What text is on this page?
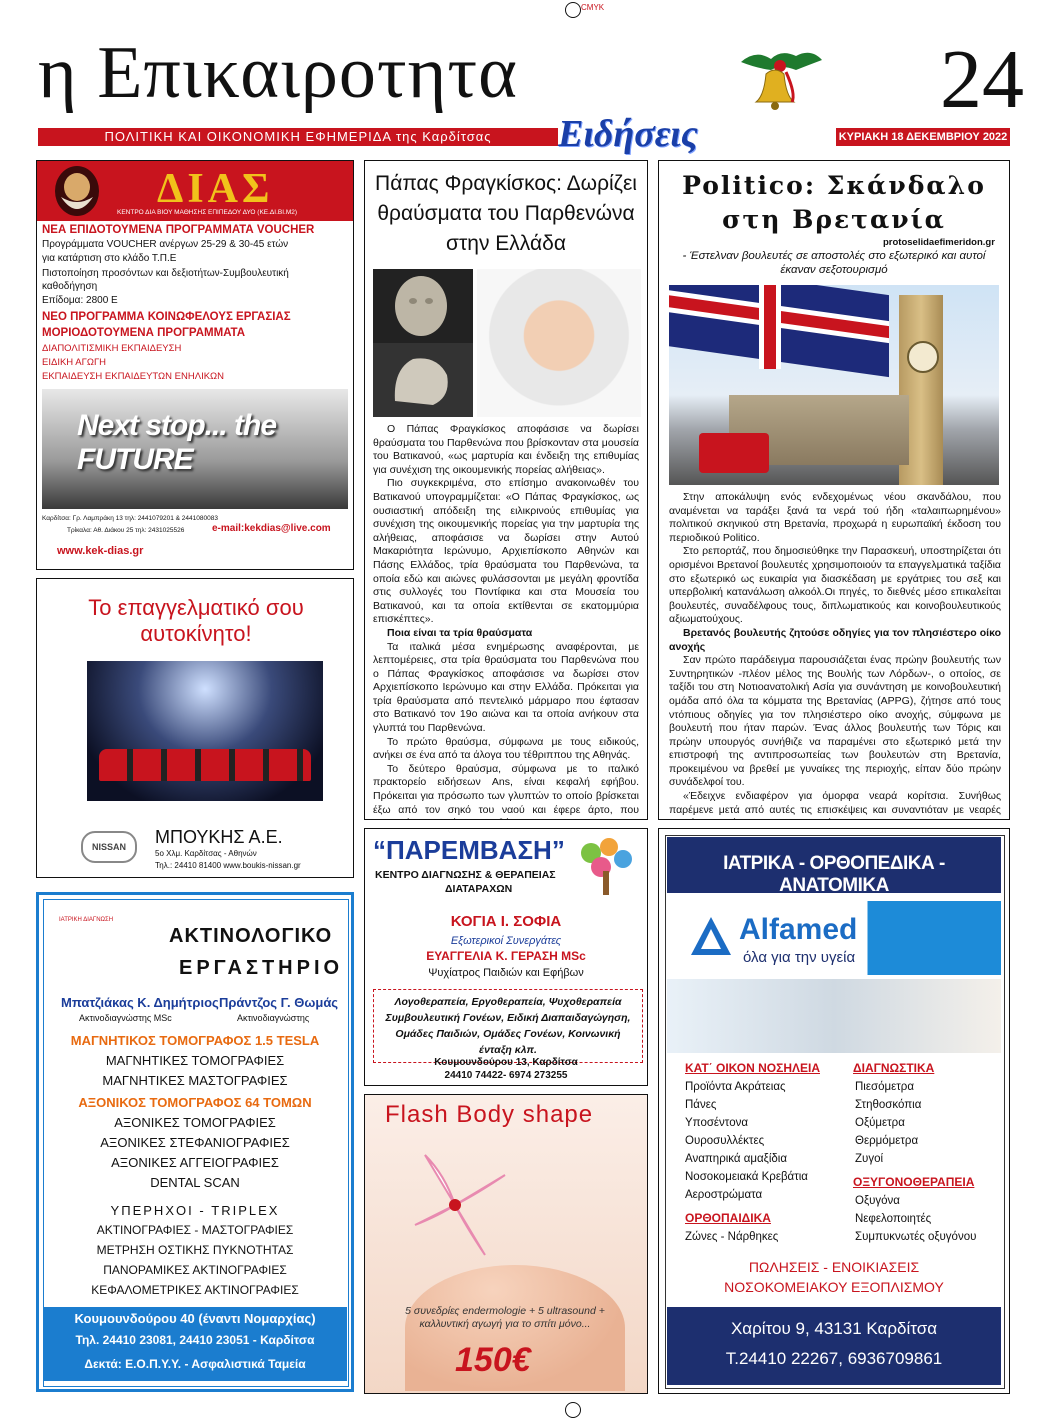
CMYK
η Επικαιροτητα
ΠΟΛΙΤΙΚΗ ΚΑΙ ΟΙΚΟΝΟΜΙΚΗ ΕΦΗΜΕΡΙΔΑ της Καρδίτσας	Ειδήσεις
24
ΚΥΡΙΑΚΗ 18 ΔΕΚΕΜΒΡΙΟΥ 2022
ΔΙΑΣ
ΚΕΝΤΡΟ ΔΙΑ ΒΙΟΥ ΜΑΘΗΣΗΣ ΕΠΙΠΕΔΟΥ ΔΥΟ (ΚΕ.ΔΙ.ΒΙ.Μ2)
ΝΕΑ ΕΠΙΔΟΤΟΥΜΕΝΑ ΠΡΟΓΡΑΜΜΑΤΑ VOUCHER
Προγράμματα VOUCHER ανέργων 25-29 & 30-45 ετών
για κατάρτιση στο κλάδο Τ.Π.Ε
Πιστοποίηση προσόντων και δεξιοτήτων-Συμβουλευτική καθοδήγηση
Επίδομα: 2800 Ε
ΝΕΟ ΠΡΟΓΡΑΜΜΑ ΚΟΙΝΩΦΕΛΟΥΣ ΕΡΓΑΣΙΑΣ
ΜΟΡΙΟΔΟΤΟΥΜΕΝΑ ΠΡΟΓΡΑΜΜΑΤΑ
ΔΙΑΠΟΛΙΤΙΣΜΙΚΗ ΕΚΠΑΙΔΕΥΣΗ
ΕΙΔΙΚΗ ΑΓΩΓΗ
ΕΚΠΑΙΔΕΥΣΗ ΕΚΠΑΙΔΕΥΤΩΝ ΕΝΗΛΙΚΩΝ
Next stop... the FUTURE
Καρδίτσα: Γρ. Λαμπράκη 13 τηλ: 2441079201 & 2441080083
Τρίκαλα: Αθ. Διάκου 25 τηλ: 2431025526	e-mail:kekdias@live.com
www.kek-dias.gr
Το επαγγελματικό σου αυτοκίνητο!
NISSAN	ΜΠΟΥΚΗΣ Α.Ε.
5ο Χλμ. Καρδίτσας - Αθηνών
Τηλ.: 24410 81400 www.boukis-nissan.gr
ΙΑΤΡΙΚΗ ΔΙΑΓΝΩΣΗ
ΑΚΤΙΝΟΛΟΓΙΚΟ
ΕΡΓΑΣΤΗΡΙΟ
Μπατζιάκας Κ. Δημήτριος
Ακτινοδιαγνώστης MSc
Πράντζος Γ. Θωμάς
Ακτινοδιαγνώστης
ΜΑΓΝΗΤΙΚΟΣ ΤΟΜΟΓΡΑΦΟΣ 1.5 TESLA
ΜΑΓΝΗΤΙΚΕΣ ΤΟΜΟΓΡΑΦΙΕΣ
ΜΑΓΝΗΤΙΚΕΣ ΜΑΣΤΟΓΡΑΦΙΕΣ
ΑΞΟΝΙΚΟΣ ΤΟΜΟΓΡΑΦΟΣ 64 ΤΟΜΩΝ
ΑΞΟΝΙΚΕΣ ΤΟΜΟΓΡΑΦΙΕΣ
ΑΞΟΝΙΚΕΣ ΣΤΕΦΑΝΙΟΓΡΑΦΙΕΣ
ΑΞΟΝΙΚΕΣ ΑΓΓΕΙΟΓΡΑΦΙΕΣ
DENTAL SCAN
ΥΠΕΡΗΧΟΙ - TRIPLEX
ΑΚΤΙΝΟΓΡΑΦΙΕΣ - ΜΑΣΤΟΓΡΑΦΙΕΣ
ΜΕΤΡΗΣΗ ΟΣΤΙΚΗΣ ΠΥΚΝΟΤΗΤΑΣ
ΠΑΝΟΡΑΜΙΚΕΣ ΑΚΤΙΝΟΓΡΑΦΙΕΣ
ΚΕΦΑΛΟΜΕΤΡΙΚΕΣ ΑΚΤΙΝΟΓΡΑΦΙΕΣ
Κουμουνδούρου 40 (έναντι Νομαρχίας)
Τηλ. 24410 23081, 24410 23051 - Καρδίτσα
Δεκτά: Ε.Ο.Π.Υ.Υ. - Ασφαλιστικά Ταμεία
Πάπας Φραγκίσκος: Δωρίζει θραύσματα του Παρθενώνα στην Ελλάδα

Ο Πάπας Φραγκίσκος αποφάσισε να δωρίσει θραύσματα του Παρθενώνα που βρίσκονταν στα μουσεία του Βατικανού, «ως μαρτυρία και ένδειξη της επιθυμίας για συνέχιση της οικουμενικής πορείας αλήθειας».

Πιο συγκεκριμένα, στο επίσημο ανακοινωθέν του Βατικανού υπογραμμίζεται: «Ο Πάπας Φραγκίσκος, ως ουσιαστική απόδειξη της ειλικρινούς επιθυμίας για συνέχιση της οικουμενικής πορείας για την μαρτυρία της αλήθειας, αποφάσισε να δωρίσει στην Αυτού Μακαριότητα Ιερώνυμο, Αρχιεπίσκοπο Αθηνών και Πάσης Ελλάδος, τρία θραύσματα του Παρθενώνα, τα οποία εδώ και αιώνες φυλάσσονται με μεγάλη φροντίδα στις συλλογές του Ποντίφικα και στα Μουσεία του Βατικανού, και τα οποία εκτίθενται σε εκατομμύρια επισκέπτες».

Ποια είναι τα τρία θραύσματα

Τα ιταλικά μέσα ενημέρωσης αναφέρονται, με λεπτομέρειες, στα τρία θραύσματα του Παρθενώνα που ο Πάπας Φραγκίσκος αποφάσισε να δωρίσει στον Αρχιεπίσκοπο Ιερώνυμο και στην Ελλάδα. Πρόκειται για τρία θραύσματα από πεντελικό μάρμαρο που έφτασαν στο Βατικανό τον 19ο αιώνα και τα οποία ανήκουν στα γλυπτά του Παρθενώνα.

Το πρώτο θραύσμα, σύμφωνα με τους ειδικούς, ανήκει σε ένα από τα άλογα του τέθριππου της Αθηνάς.

Το δεύτερο θραύσμα, σύμφωνα με το ιταλικό πρακτορείο ειδήσεων Ans, είναι κεφαλή εφήβου. Πρόκειται για πρόσωπο των γλυπτών το οποίο βρίσκεται έξω από τον σηκό του ναού και έφερε άρτο, που

“ΠΑΡΕΜΒΑΣΗ”
ΚΕΝΤΡΟ ΔΙΑΓΝΩΣΗΣ & ΘΕΡΑΠΕΙΑΣ
ΔΙΑΤΑΡΑΧΩΝ
ΚΟΓΙΑ Ι. ΣΟΦΙΑ
Εξωτερικοί Συνεργάτες
ΕΥΑΓΓΕΛΙΑ Κ. ΓΕΡΑΣΗ MSc
Ψυχίατρος Παιδιών και Εφήβων
Λογοθεραπεία, Εργοθεραπεία, Ψυχοθεραπεία Συμβουλευτική Γονέων, Ειδική Διαπαιδαγώγηση, Ομάδες Παιδιών, Ομάδες Γονέων, Κοινωνική ένταξη κλπ.
Κουμουνδούρου 13, Καρδίτσα
24410 74422- 6974 273255
Flash Body shape
5 συνεδρίες endermologie + 5 ultrasound + καλλυντική αγωγή για το σπίτι μόνο...
150€
Politico: Σκάνδαλο στη Βρετανία
- Έστελναν βουλευτές σε αποστολές στο εξωτερικό και αυτοί έκαναν σεξοτουρισμό
protoselidaefimeridon.gr

Στην αποκάλυψη ενός ενδεχομένως νέου σκανδάλου, που αναμένεται να ταράξει ξανά τα νερά τού ήδη «ταλαιπωρημένου» πολιτικού σκηνικού στη Βρετανία, προχωρά η ευρωπαϊκή έκδοση του περιοδικού Politico.

Στο ρεπορτάζ, που δημοσιεύθηκε την Παρασκευή, υποστηρίζεται ότι ορισμένοι Βρετανοί βουλευτές χρησιμοποιούν τα επαγγελματικά ταξίδια στο εξωτερικό ως ευκαιρία για διασκέδαση με εργάτριες του σεξ και υπερβολική κατανάλωση αλκοόλ.Οι πηγές, το διεθνές μέσο επικαλείται βουλευτές, συναδέλφους τους, διπλωματικούς και κοινοβουλευτικούς αξιωματούχους.

Βρετανός βουλευτής ζητούσε οδηγίες για τον πλησιέστερο οίκο ανοχής

Σαν πρώτο παράδειγμα παρουσιάζεται ένας πρώην βουλευτής των Συντηρητικών -πλέον μέλος της Βουλής των Λόρδων-, ο οποίος, σε ταξίδι του στη Νοτιοανατολική Ασία για συνάντηση με κοινοβουλευτική ομάδα από όλα τα κόμματα της Βρετανίας (APPG), ζήτησε από τους ντόπιους οδηγίες για τον πλησιέστερο οίκο ανοχής, σύμφωνα με βουλευτή που ήταν παρών. Ένας άλλος βουλευτής των Τόρις και πρώην υπουργός συνήθιζε να παραμένει στο εξωτερικό μετά την επιστροφή της αντιπροσωπείας των βουλευτών στη Βρετανία, προκειμένου να βρεθεί με γυναίκες της περιοχής, είπαν δύο πρώην συνάδελφοί του.

«Έδειχνε ενδιαφέρον για όμορφα νεαρά κορίτσια. Συνήθως παρέμενε μετά από αυτές τις επισκέψεις και συναντιόταν με νεαρές

ΙΑΤΡΙΚΑ - ΟΡΘΟΠΕΔΙΚΑ - ΑΝΑΤΟΜΙΚΑ
Alfamed
όλα για την υγεία
ΚΑΤ΄ ΟΙΚΟΝ ΝΟΣΗΛΕΙΑ
Προϊόντα Ακράτειας
Πάνες
Υποσέντονα
Ουροσυλλέκτες
Αναπηρικά αμαξίδια
Νοσοκομειακά Κρεβάτια
Αεροστρώματα
ΟΡΘΟΠΑΙΔΙΚΑ
Ζώνες - Νάρθηκες
ΔΙΑΓΝΩΣΤΙΚΑ
Πιεσόμετρα
Στηθοσκόπια
Οξύμετρα
Θερμόμετρα
Ζυγοί
ΟΞΥΓΟΝΟΘΕΡΑΠΕΙΑ
Οξυγόνα
Νεφελοποιητές
Συμπυκνωτές οξυγόνου
ΠΩΛΗΣΕΙΣ - ΕΝΟΙΚΙΑΣΕΙΣ
ΝΟΣΟΚΟΜΕΙΑΚΟΥ ΕΞΟΠΛΙΣΜΟΥ
Χαρίτου 9, 43131 Καρδίτσα
Τ.24410 22267, 6936709861
